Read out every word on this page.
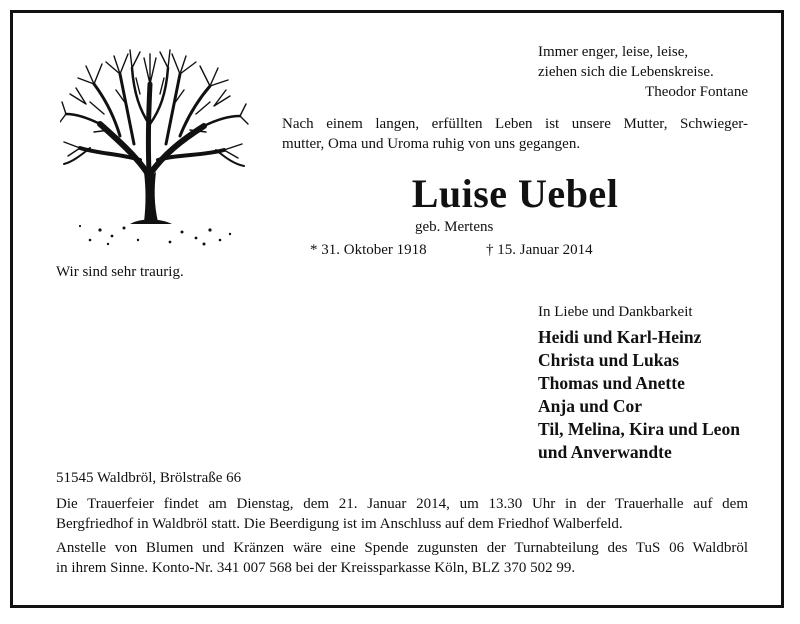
Immer enger, leise, leise,
ziehen sich die Lebenskreise.
Theodor Fontane
Nach einem langen, erfüllten Leben ist unsere Mutter, Schwieger-
mutter, Oma und Uroma ruhig von uns gegangen.
Luise Uebel
geb. Mertens
* 31. Oktober 1918	† 15. Januar 2014
Wir sind sehr traurig.
In Liebe und Dankbarkeit
Heidi und Karl-Heinz
Christa und Lukas
Thomas und Anette
Anja und Cor
Til, Melina, Kira und Leon
und Anverwandte
51545 Waldbröl, Brölstraße 66
Die Trauerfeier findet am Dienstag, dem 21. Januar 2014, um 13.30 Uhr in der Trauerhalle auf dem
Bergfriedhof in Waldbröl statt. Die Beerdigung ist im Anschluss auf dem Friedhof Walberfeld.
Anstelle von Blumen und Kränzen wäre eine Spende zugunsten der Turnabteilung des TuS 06 Waldbröl
in ihrem Sinne. Konto-Nr. 341 007 568 bei der Kreissparkasse Köln, BLZ 370 502 99.
